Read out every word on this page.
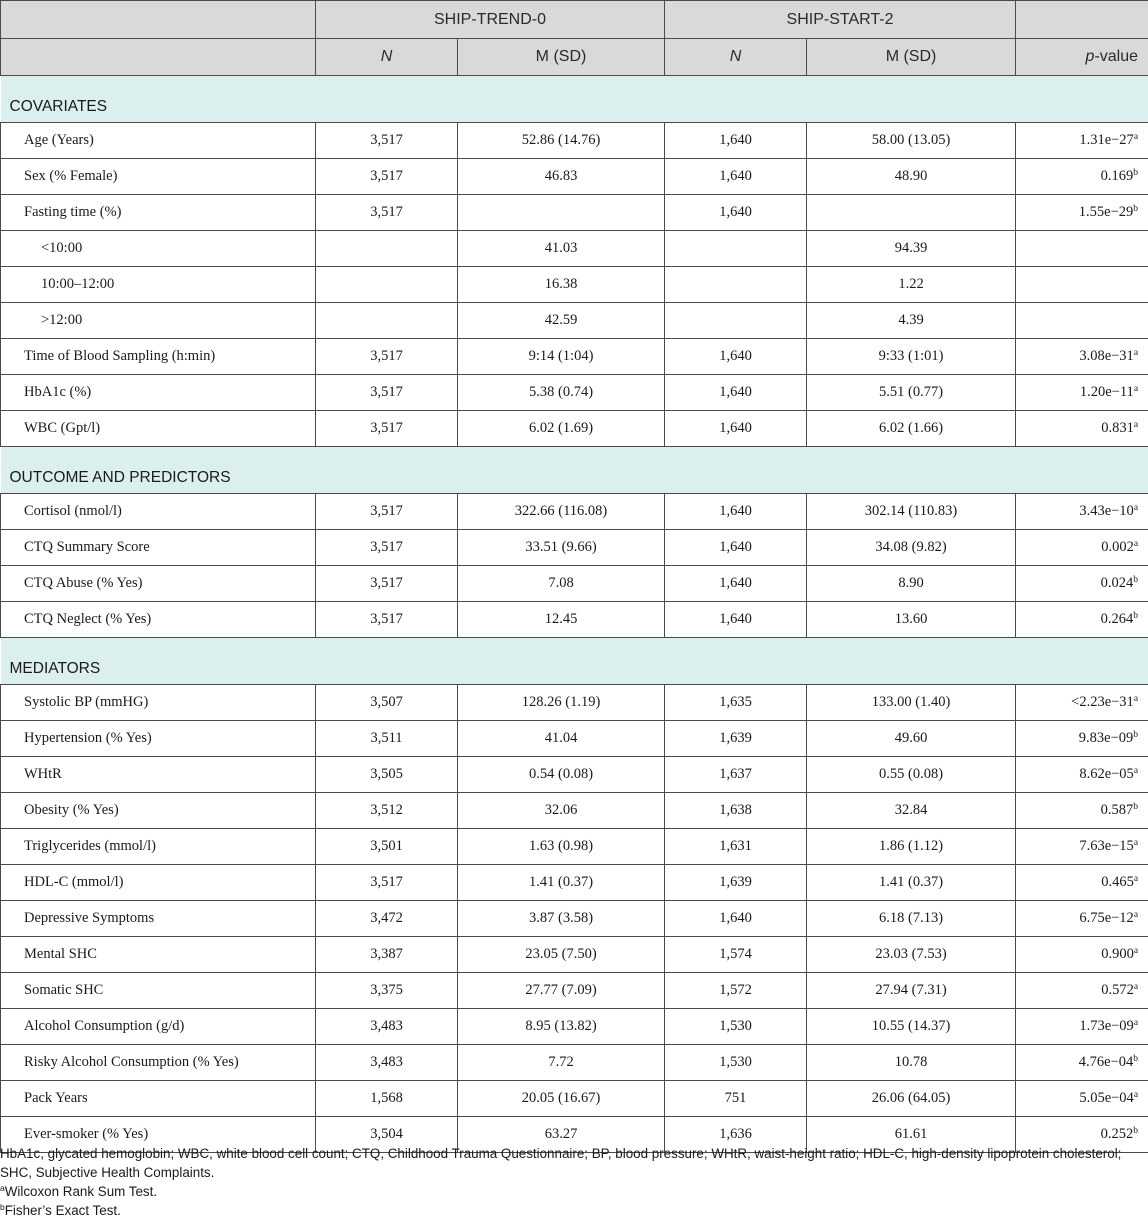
	SHIP-TREND-0		SHIP-START-2		
	N	M (SD)	N	M (SD)	p-value
COVARIATES					
Age (Years)	3,517	52.86 (14.76)	1,640	58.00 (13.05)	$1.31e-27^a$
Sex (% Female)	3,517	46.83	1,640	48.90	0.169$^b$
Fasting time (%)	3,517		1,640		$1.55e-29^b$
<10:00		41.03		94.39	
10:00–12:00		16.38		1.22	
>12:00		42.59		4.39	
Time of Blood Sampling (h:min)	3,517	9:14 (1:04)	1,640	9:33 (1:01)	$3.08e-31^a$
HbA1c (%)	3,517	5.38 (0.74)	1,640	5.51 (0.77)	$1.20e-11^a$
WBC (Gpt/l)	3,517	6.02 (1.69)	1,640	6.02 (1.66)	0.831$^a$
OUTCOME AND PREDICTORS					
Cortisol (nmol/l)	3,517	322.66 (116.08)	1,640	302.14 (110.83)	$3.43e-10^a$
CTQ Summary Score	3,517	33.51 (9.66)	1,640	34.08 (9.82)	0.002$^a$
CTQ Abuse (% Yes)	3,517	7.08	1,640	8.90	0.024$^b$
CTQ Neglect (% Yes)	3,517	12.45	1,640	13.60	0.264$^b$
MEDIATORS					
Systolic BP (mmHG)	3,507	128.26 (1.19)	1,635	133.00 (1.40)	$<2.23e-31^a$
Hypertension (% Yes)	3,511	41.04	1,639	49.60	$9.83e-09^b$
WHtR	3,505	0.54 (0.08)	1,637	0.55 (0.08)	$8.62e-05^a$
Obesity (% Yes)	3,512	32.06	1,638	32.84	0.587$^b$
Triglycerides (mmol/l)	3,501	1.63 (0.98)	1,631	1.86 (1.12)	$7.63e-15^a$
HDL-C (mmol/l)	3,517	1.41 (0.37)	1,639	1.41 (0.37)	0.465$^a$
Depressive Symptoms	3,472	3.87 (3.58)	1,640	6.18 (7.13)	$6.75e-12^a$
Mental SHC	3,387	23.05 (7.50)	1,574	23.03 (7.53)	0.900$^a$
Somatic SHC	3,375	27.77 (7.09)	1,572	27.94 (7.31)	0.572$^a$
Alcohol Consumption (g/d)	3,483	8.95 (13.82)	1,530	10.55 (14.37)	$1.73e-09^a$
Risky Alcohol Consumption (% Yes)	3,483	7.72	1,530	10.78	$4.76e-04^b$
Pack Years	1,568	20.05 (16.67)	751	26.06 (64.05)	$5.05e-04^a$
Ever-smoker (% Yes)	3,504	63.27	1,636	61.61	0.252$^b$

HbA1c, glycated hemoglobin; WBC, white blood cell count; CTQ, Childhood Trauma Questionnaire; BP, blood pressure; WHtR, waist-height ratio; HDL-C, high-density lipoprotein cholesterol; SHC, Subjective Health Complaints.

$^a$Wilcoxon Rank Sum Test.

$^b$Fisher’s Exact Test.
